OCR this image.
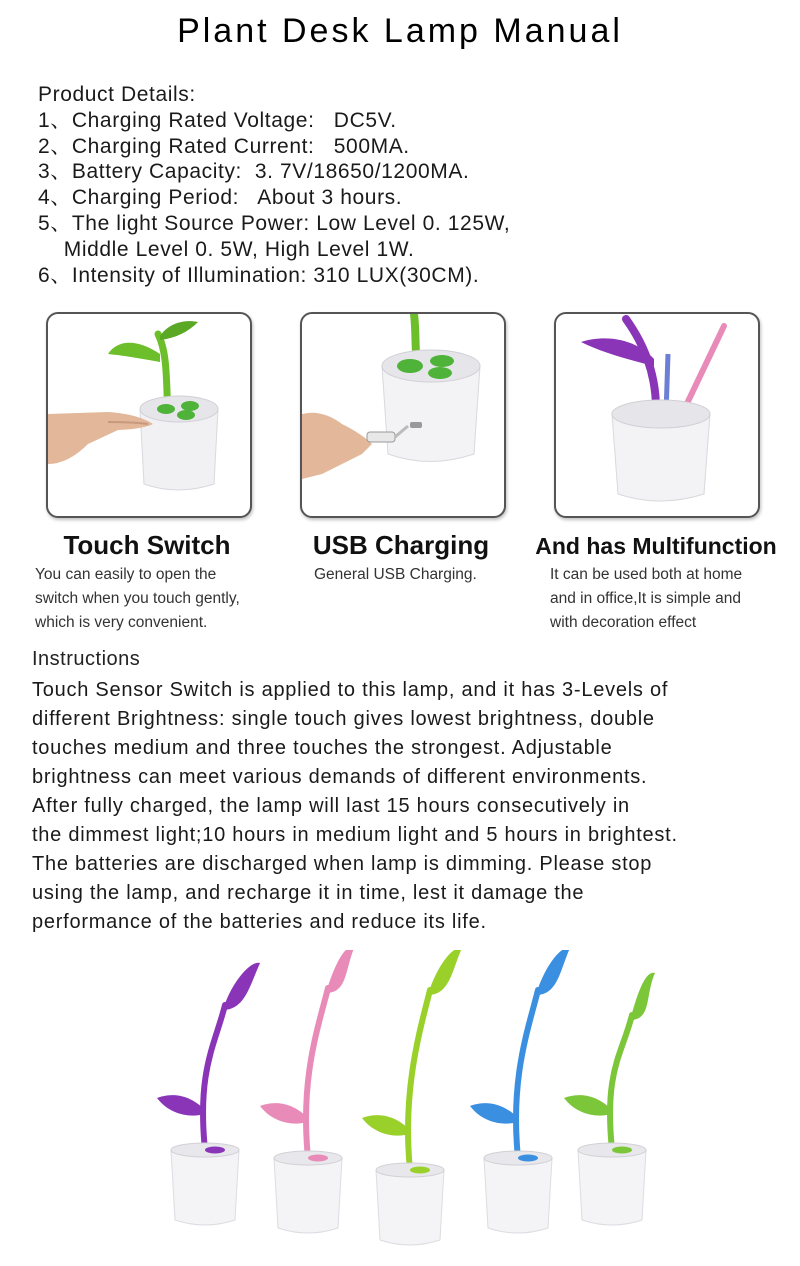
Plant Desk Lamp Manual
Product Details:
1、Charging Rated Voltage:   DC5V.
2、Charging Rated Current:   500MA.
3、Battery Capacity:  3. 7V/18650/1200MA.
4、Charging Period:   About 3 hours.
5、The light Source Power: Low Level 0. 125W,
Middle Level 0. 5W, High Level 1W.
6、Intensity of Illumination: 310 LUX(30CM).
Touch Switch	USB Charging	And has Multifunction
You can easily to open the
switch when you touch gently,
which is very convenient.
General USB Charging.	It can be used both at home
and in office,It is simple and
with decoration effect
Instructions
Touch Sensor Switch is applied to this lamp, and it has 3-Levels of
different Brightness: single touch gives lowest brightness, double
touches medium and three touches the strongest. Adjustable
brightness can meet various demands of different environments.
After fully charged, the lamp will last 15 hours consecutively in
the dimmest light;10 hours in medium light and 5 hours in brightest.
The batteries are discharged when lamp is dimming. Please stop
using the lamp, and recharge it in time, lest it damage the
performance of the batteries and reduce its life.
